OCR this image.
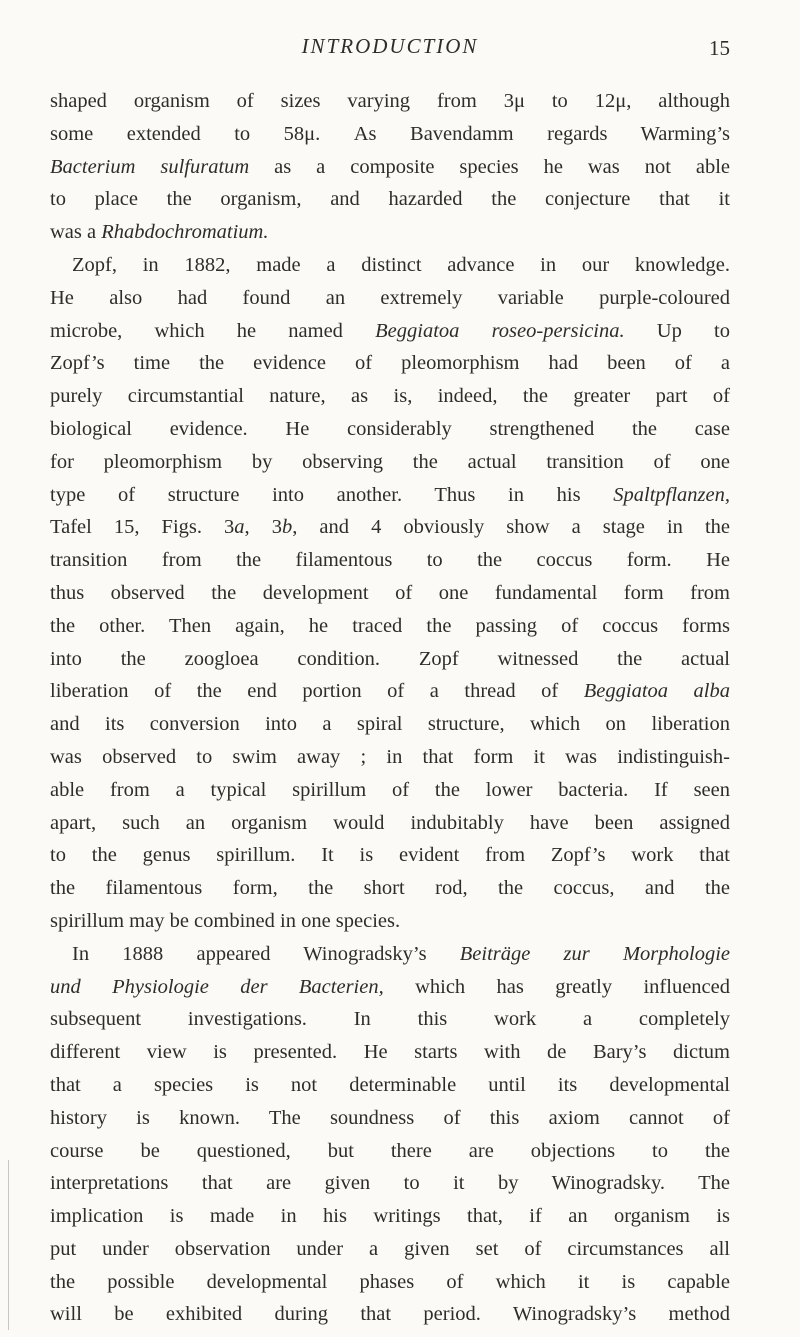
INTRODUCTION	15
shaped organism of sizes varying from 3μ to 12μ, although
some extended to 58μ. As Bavendamm regards Warming’s
Bacterium sulfuratum as a composite species he was not able
to place the organism, and hazarded the conjecture that it
was a Rhabdochromatium.
Zopf, in 1882, made a distinct advance in our knowledge.
He also had found an extremely variable purple-coloured
microbe, which he named Beggiatoa roseo-persicina. Up to
Zopf’s time the evidence of pleomorphism had been of a
purely circumstantial nature, as is, indeed, the greater part of
biological evidence. He considerably strengthened the case
for pleomorphism by observing the actual transition of one
type of structure into another. Thus in his Spaltpflanzen,
Tafel 15, Figs. 3a, 3b, and 4 obviously show a stage in the
transition from the filamentous to the coccus form. He
thus observed the development of one fundamental form from
the other. Then again, he traced the passing of coccus forms
into the zoogloea condition. Zopf witnessed the actual
liberation of the end portion of a thread of Beggiatoa alba
and its conversion into a spiral structure, which on liberation
was observed to swim away ; in that form it was indistinguish-
able from a typical spirillum of the lower bacteria. If seen
apart, such an organism would indubitably have been assigned
to the genus spirillum. It is evident from Zopf’s work that
the filamentous form, the short rod, the coccus, and the
spirillum may be combined in one species.
In 1888 appeared Winogradsky’s Beiträge zur Morphologie
und Physiologie der Bacterien, which has greatly influenced
subsequent investigations. In this work a completely
different view is presented. He starts with de Bary’s dictum
that a species is not determinable until its developmental
history is known. The soundness of this axiom cannot of
course be questioned, but there are objections to the
interpretations that are given to it by Winogradsky. The
implication is made in his writings that, if an organism is
put under observation under a given set of circumstances all
the possible developmental phases of which it is capable
will be exhibited during that period. Winogradsky’s method
